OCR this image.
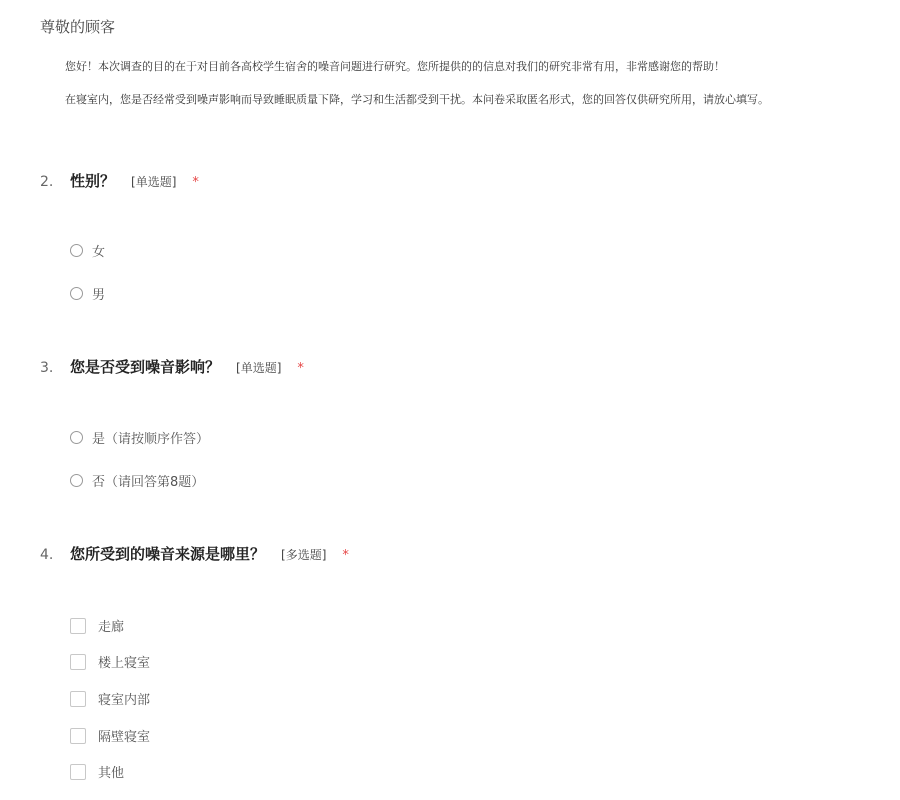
尊敬的顾客
您好！本次调查的目的在于对目前各高校学生宿舍的噪音问题进行研究。您所提供的的信息对我们的研究非常有用，非常感谢您的帮助！
在寝室内，您是否经常受到噪声影响而导致睡眠质量下降，学习和生活都受到干扰。本问卷采取匿名形式，您的回答仅供研究所用，请放心填写。
2.	性别？ [单选题] *
女
男
3.	您是否受到噪音影响？ [单选题] *
是（请按顺序作答）
否（请回答第8题）
4.	您所受到的噪音来源是哪里？ [多选题] *
走廊
楼上寝室
寝室内部
隔壁寝室
其他
